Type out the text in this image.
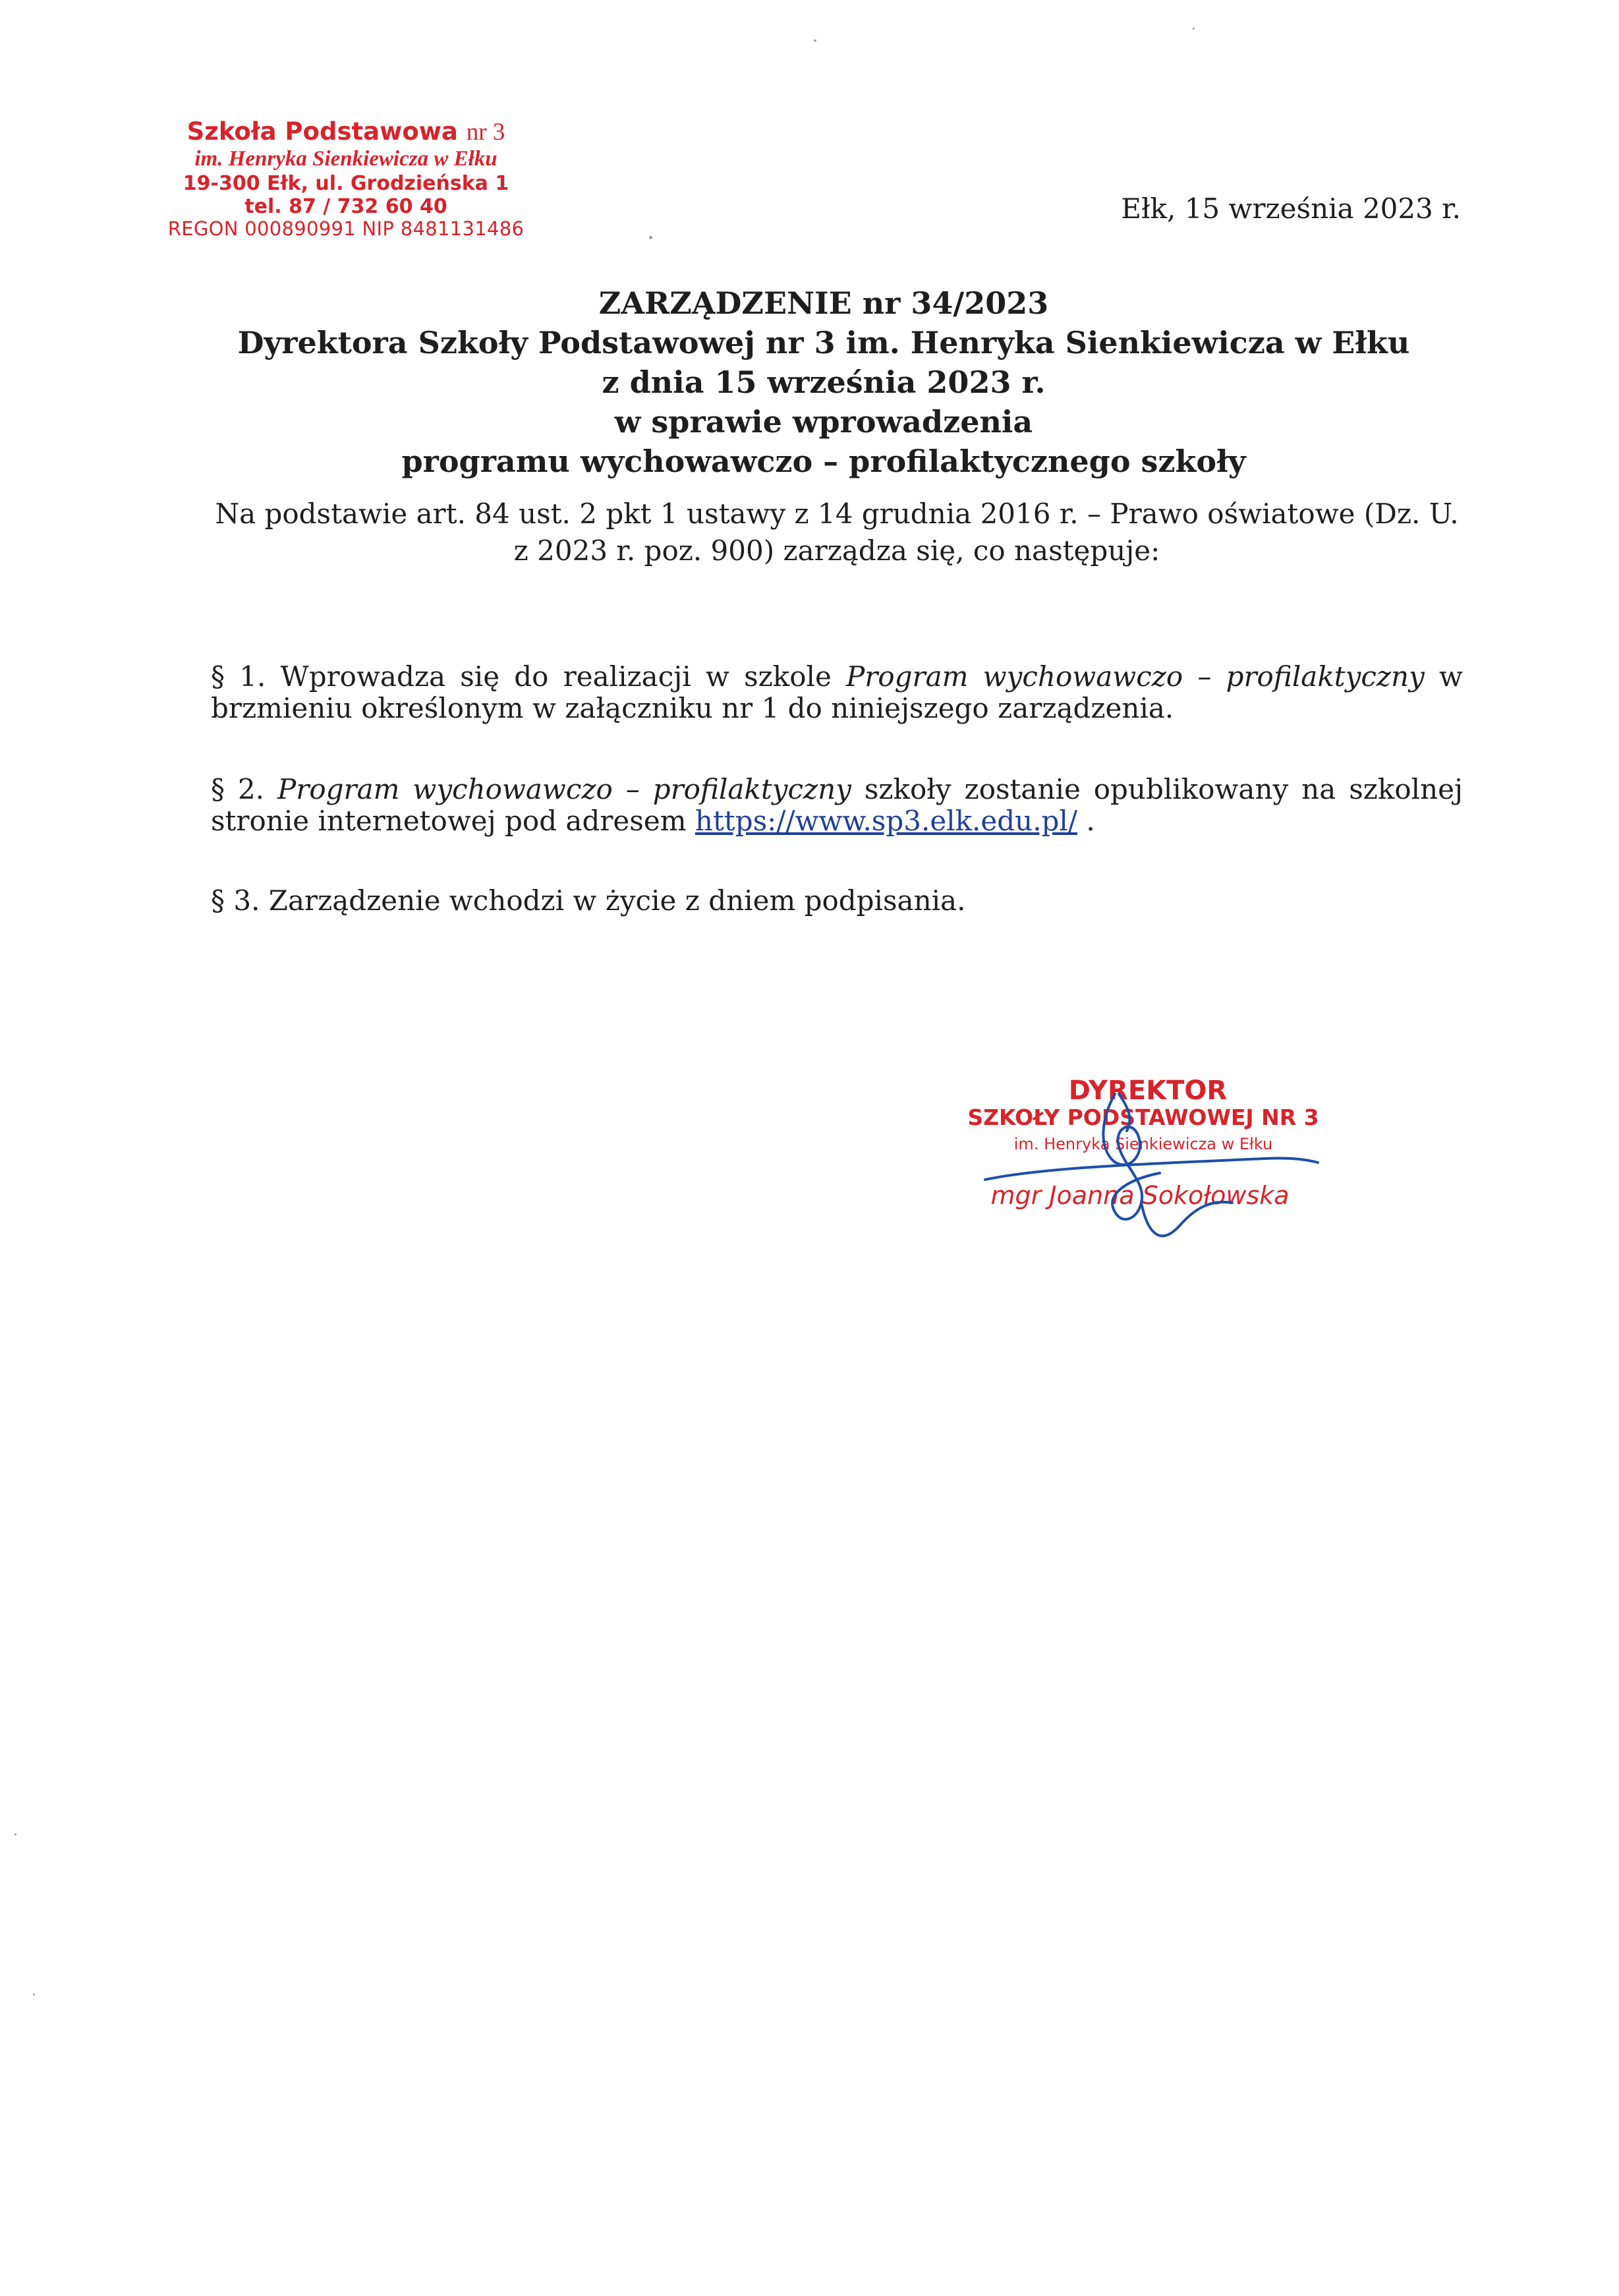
Szkoła Podstawowa nr 3
im. Henryka Sienkiewicza w Ełku
19-300 Ełk, ul. Grodzieńska 1
tel. 87 / 732 60 40
REGON 000890991 NIP 8481131486
Ełk, 15 września 2023 r.
ZARZĄDZENIE nr 34/2023
Dyrektora Szkoły Podstawowej nr 3 im. Henryka Sienkiewicza w Ełku
z dnia 15 września 2023 r.
w sprawie wprowadzenia
programu wychowawczo – profilaktycznego szkoły
Na podstawie art. 84 ust. 2 pkt 1 ustawy z 14 grudnia 2016 r. – Prawo oświatowe (Dz. U. z 2023 r. poz. 900) zarządza się, co następuje:
§ 1. Wprowadza się do realizacji w szkole Program wychowawczo – profilaktyczny w brzmieniu określonym w załączniku nr 1 do niniejszego zarządzenia.
§ 2. Program wychowawczo – profilaktyczny szkoły zostanie opublikowany na szkolnej stronie internetowej pod adresem https://www.sp3.elk.edu.pl/ .
§ 3. Zarządzenie wchodzi w życie z dniem podpisania.
DYREKTOR
SZKOŁY PODSTAWOWEJ NR 3
im. Henryka Sienkiewicza w Ełku
mgr Joanna Sokołowska
